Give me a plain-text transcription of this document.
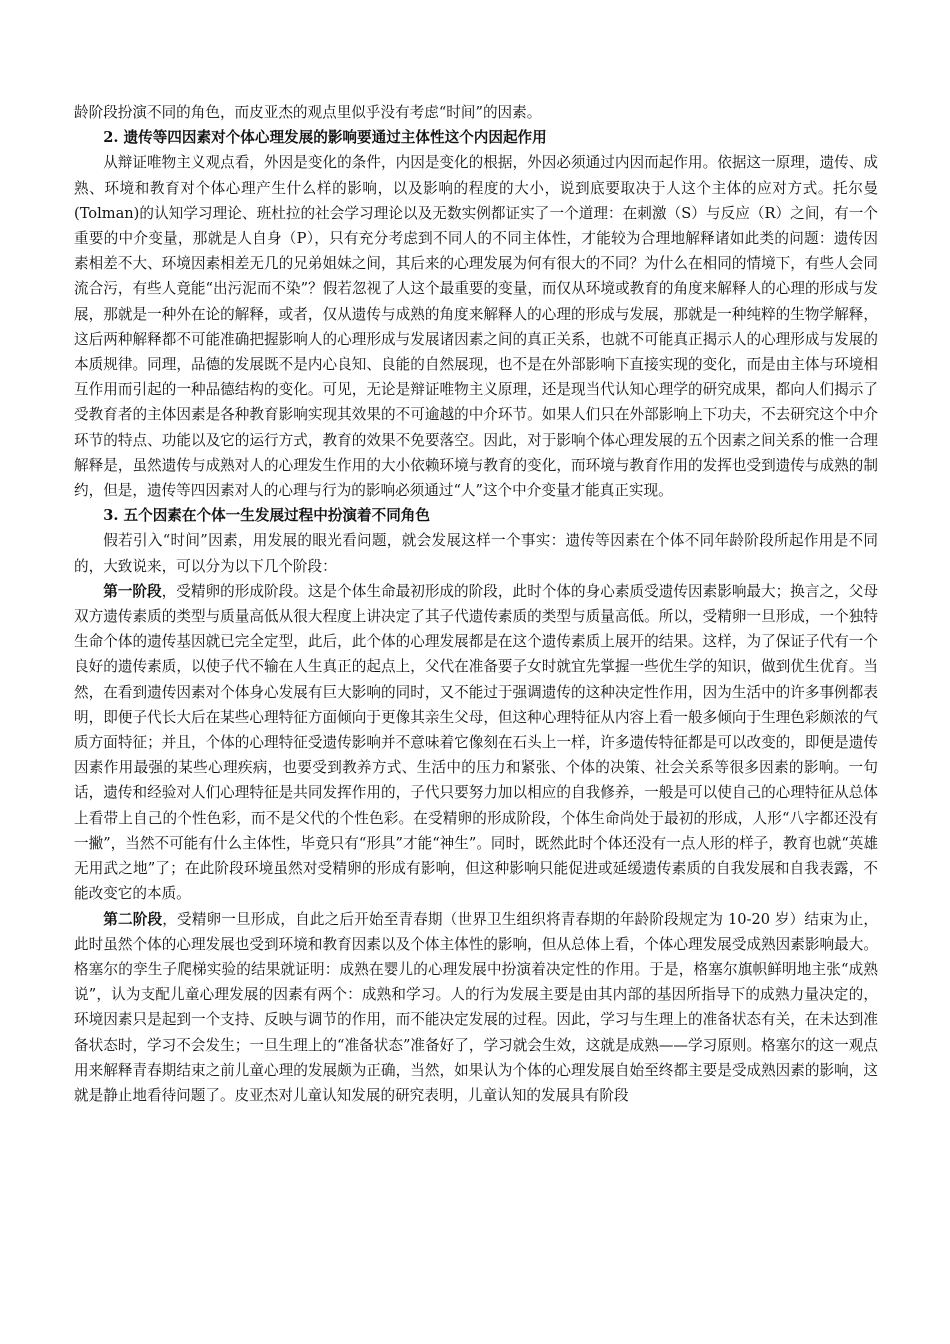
龄阶段扮演不同的角色，而皮亚杰的观点里似乎没有考虑“时间”的因素。

2. 遗传等四因素对个体心理发展的影响要通过主体性这个内因起作用

从辩证唯物主义观点看，外因是变化的条件，内因是变化的根据，外因必须通过内因而起作用。依据这一原理，遗传、成熟、环境和教育对个体心理产生什么样的影响，以及影响的程度的大小，说到底要取决于人这个主体的应对方式。托尔曼(Tolman)的认知学习理论、班杜拉的社会学习理论以及无数实例都证实了一个道理：在刺激（S）与反应（R）之间，有一个重要的中介变量，那就是人自身（P），只有充分考虑到不同人的不同主体性，才能较为合理地解释诸如此类的问题：遗传因素相差不大、环境因素相差无几的兄弟姐妹之间，其后来的心理发展为何有很大的不同？为什么在相同的情境下，有些人会同流合污，有些人竟能“出污泥而不染”？假若忽视了人这个最重要的变量，而仅从环境或教育的角度来解释人的心理的形成与发展，那就是一种外在论的解释，或者，仅从遗传与成熟的角度来解释人的心理的形成与发展，那就是一种纯粹的生物学解释，这后两种解释都不可能准确把握影响人的心理形成与发展诸因素之间的真正关系，也就不可能真正揭示人的心理形成与发展的本质规律。同理，品德的发展既不是内心良知、良能的自然展现，也不是在外部影响下直接实现的变化，而是由主体与环境相互作用而引起的一种品德结构的变化。可见，无论是辩证唯物主义原理，还是现当代认知心理学的研究成果，都向人们揭示了受教育者的主体因素是各种教育影响实现其效果的不可逾越的中介环节。如果人们只在外部影响上下功夫，不去研究这个中介环节的特点、功能以及它的运行方式，教育的效果不免要落空。因此，对于影响个体心理发展的五个因素之间关系的惟一合理解释是，虽然遗传与成熟对人的心理发生作用的大小依赖环境与教育的变化，而环境与教育作用的发挥也受到遗传与成熟的制约，但是，遗传等四因素对人的心理与行为的影响必须通过“人”这个中介变量才能真正实现。

3. 五个因素在个体一生发展过程中扮演着不同角色

假若引入“时间”因素，用发展的眼光看问题，就会发展这样一个事实：遗传等因素在个体不同年龄阶段所起作用是不同的，大致说来，可以分为以下几个阶段：

第一阶段，受精卵的形成阶段。这是个体生命最初形成的阶段，此时个体的身心素质受遗传因素影响最大；换言之，父母双方遗传素质的类型与质量高低从很大程度上讲决定了其子代遗传素质的类型与质量高低。所以，受精卵一旦形成，一个独特生命个体的遗传基因就已完全定型，此后，此个体的心理发展都是在这个遗传素质上展开的结果。这样，为了保证子代有一个良好的遗传素质，以使子代不输在人生真正的起点上，父代在准备要子女时就宜先掌握一些优生学的知识，做到优生优育。当然，在看到遗传因素对个体身心发展有巨大影响的同时，又不能过于强调遗传的这种决定性作用，因为生活中的许多事例都表明，即便子代长大后在某些心理特征方面倾向于更像其亲生父母，但这种心理特征从内容上看一般多倾向于生理色彩颇浓的气质方面特征；并且，个体的心理特征受遗传影响并不意味着它像刻在石头上一样，许多遗传特征都是可以改变的，即便是遗传因素作用最强的某些心理疾病，也要受到教养方式、生活中的压力和紧张、个体的决策、社会关系等很多因素的影响。一句话，遗传和经验对人们心理特征是共同发挥作用的，子代只要努力加以相应的自我修养，一般是可以使自己的心理特征从总体上看带上自己的个性色彩，而不是父代的个性色彩。在受精卵的形成阶段，个体生命尚处于最初的形成，人形“八字都还没有一撇”，当然不可能有什么主体性，毕竟只有“形具”才能“神生”。同时，既然此时个体还没有一点人形的样子，教育也就“英雄无用武之地”了；在此阶段环境虽然对受精卵的形成有影响，但这种影响只能促进或延缓遗传素质的自我发展和自我表露，不能改变它的本质。

第二阶段，受精卵一旦形成，自此之后开始至青春期（世界卫生组织将青春期的年龄阶段规定为 10-20 岁）结束为止，此时虽然个体的心理发展也受到环境和教育因素以及个体主体性的影响，但从总体上看，个体心理发展受成熟因素影响最大。格塞尔的孪生子爬梯实验的结果就证明：成熟在婴儿的心理发展中扮演着决定性的作用。于是，格塞尔旗帜鲜明地主张“成熟说”，认为支配儿童心理发展的因素有两个：成熟和学习。人的行为发展主要是由其内部的基因所指导下的成熟力量决定的，环境因素只是起到一个支持、反映与调节的作用，而不能决定发展的过程。因此，学习与生理上的准备状态有关，在未达到准备状态时，学习不会发生；一旦生理上的“准备状态”准备好了，学习就会生效，这就是成熟——学习原则。格塞尔的这一观点用来解释青春期结束之前儿童心理的发展颇为正确，当然，如果认为个体的心理发展自始至终都主要是受成熟因素的影响，这就是静止地看待问题了。皮亚杰对儿童认知发展的研究表明，儿童认知的发展具有阶段
